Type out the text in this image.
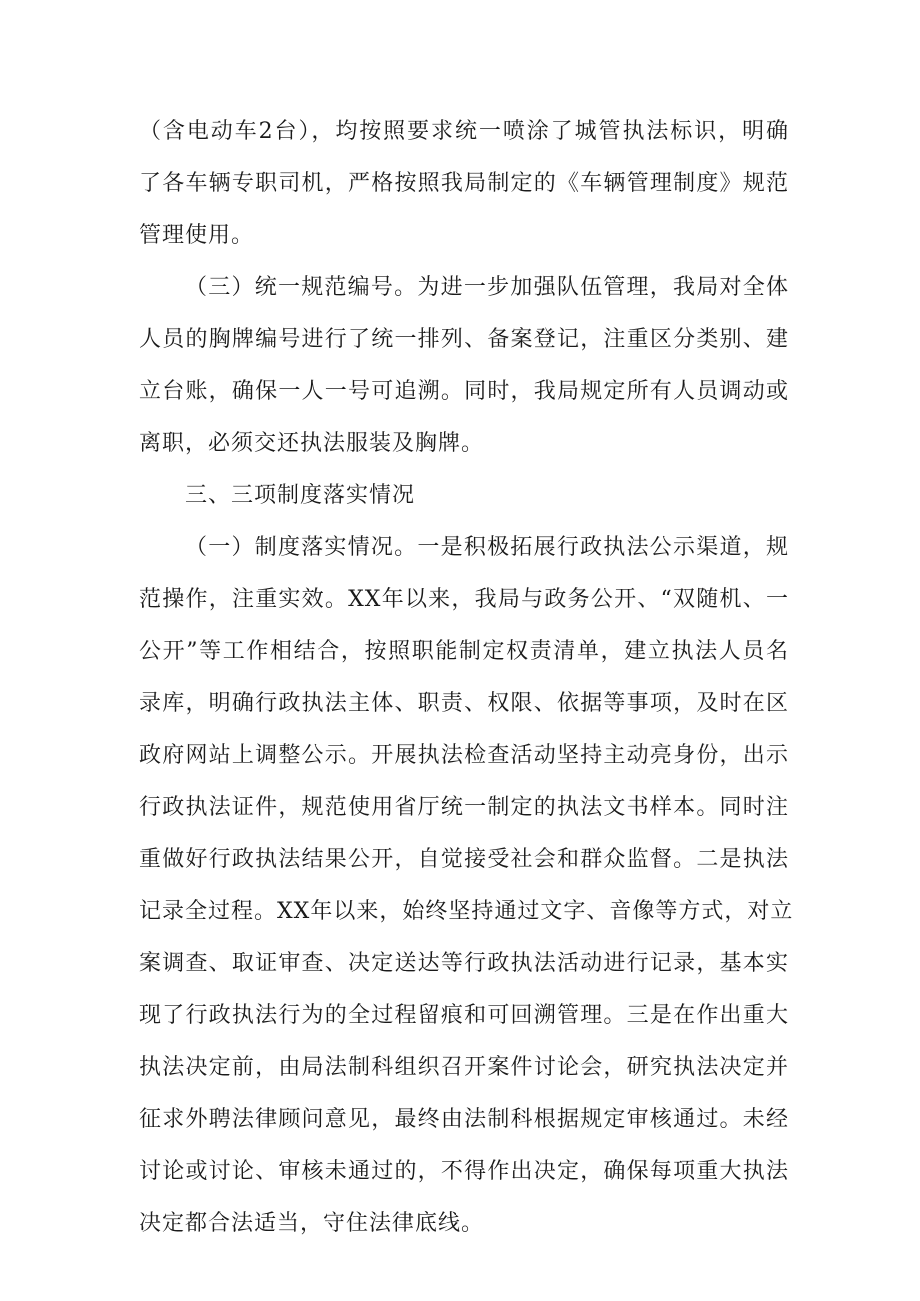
（含电动车2台），均按照要求统一喷涂了城管执法标识，明确
了各车辆专职司机，严格按照我局制定的《车辆管理制度》规范
管理使用。
（三）统一规范编号。为进一步加强队伍管理，我局对全体
人员的胸牌编号进行了统一排列、备案登记，注重区分类别、建
立台账，确保一人一号可追溯。同时，我局规定所有人员调动或
离职，必须交还执法服装及胸牌。
三、三项制度落实情况
（一）制度落实情况。一是积极拓展行政执法公示渠道，规
范操作，注重实效。XX年以来，我局与政务公开、“双随机、一
公开”等工作相结合，按照职能制定权责清单，建立执法人员名
录库，明确行政执法主体、职责、权限、依据等事项，及时在区
政府网站上调整公示。开展执法检查活动坚持主动亮身份，出示
行政执法证件，规范使用省厅统一制定的执法文书样本。同时注
重做好行政执法结果公开，自觉接受社会和群众监督。二是执法
记录全过程。XX年以来，始终坚持通过文字、音像等方式，对立
案调查、取证审查、决定送达等行政执法活动进行记录，基本实
现了行政执法行为的全过程留痕和可回溯管理。三是在作出重大
执法决定前，由局法制科组织召开案件讨论会，研究执法决定并
征求外聘法律顾问意见，最终由法制科根据规定审核通过。未经
讨论或讨论、审核未通过的，不得作出决定，确保每项重大执法
决定都合法适当，守住法律底线。
